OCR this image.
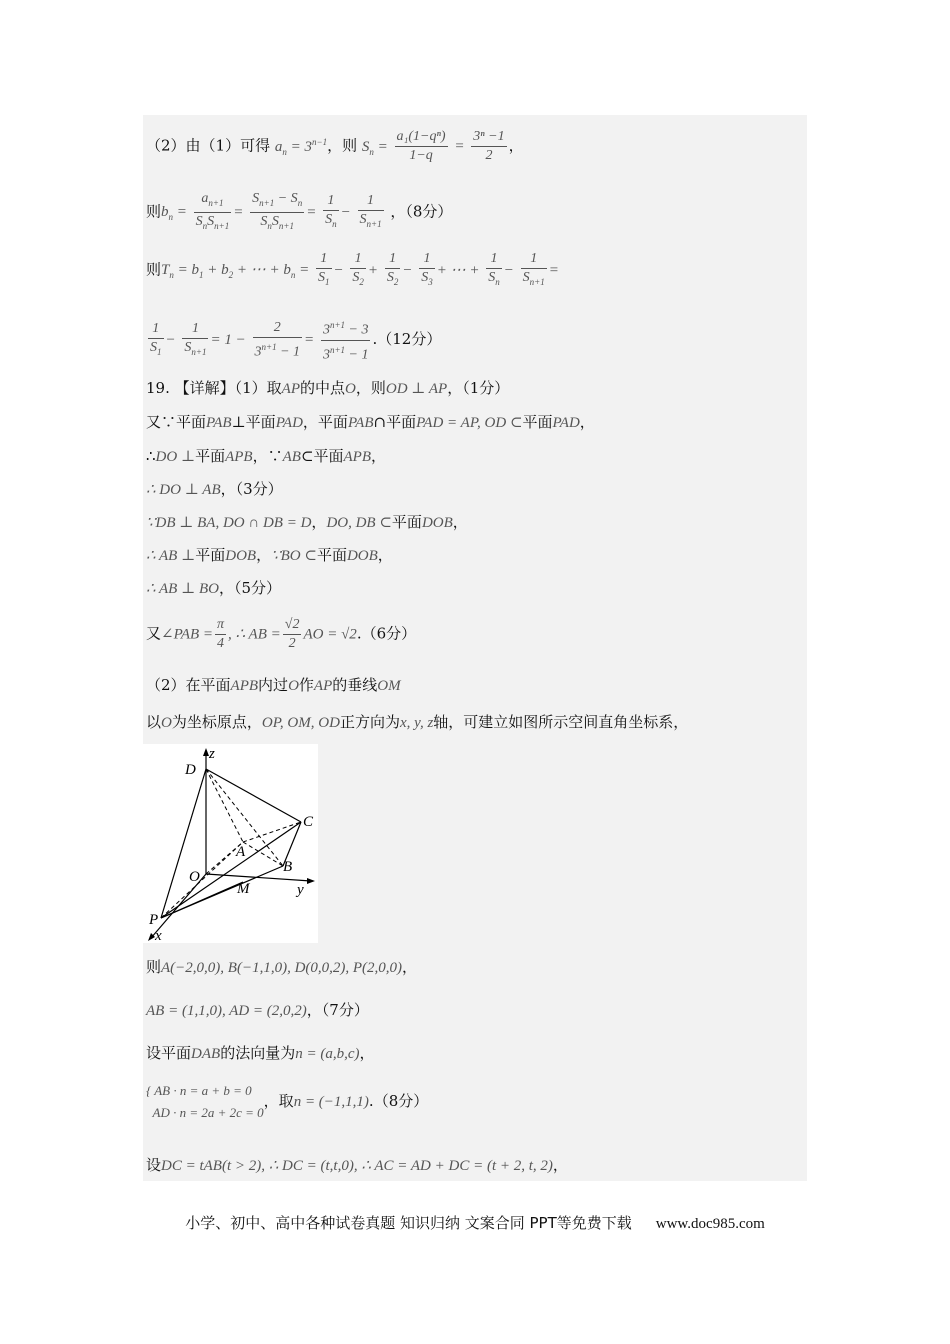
（2）由（1）可得 $a_n = 3^{n-1}$，则 $S_n = \frac{\text{a₁(1−qⁿ)}}{1-q} = \frac{\text{3ⁿ −1}}{2}$ ，
则$b_n = \frac{a_{n+1}}{S_nS_{n+1}} = \frac{S_{n+1} - S_n}{S_nS_{n+1}} = \frac{1}{S_n} - \frac{1}{S_{n+1}}$ ，（8分）
则$T_n = b_1 + b_2$ + ⋯ + $b_n = \frac{1}{S_1} - \frac{1}{S_2} + \frac{1}{S_2} - \frac{1}{S_3}$ + ⋯ + $\frac{1}{S_n} - \frac{1}{S_{n+1}}$ =
$\frac{1}{S_1} - \frac{1}{S_{n+1}} = 1 - \frac{2}{3^{n+1} - 1} = \frac{3^{n+1} - 3}{3^{n+1} - 1} .(12$分）
19. 【详解】（1）取AP的中点O，则OD ⊥ AP，（1分）
又∵平面PAB⊥平面PAD，平面PAB∩平面PAD = AP, OD ⊂平面PAD，
∴DO ⊥平面APB，∵AB⊂平面APB，
∴ DO ⊥ AB，（3分）
∵DB ⊥ BA, DO ∩ DB = D，DO, DB ⊂平面DOB，
∴ AB ⊥平面DOB，∵BO ⊂平面DOB，
∴ AB ⊥ BO，（5分）
又∠PAB = $\frac{\pi}{4}$ , ∴ AB = $\frac{√2}{2}$ AO = √2.（6分）
（2）在平面APB内过O作AP的垂线OM
以O为坐标原点，OP, OM, OD正方向为x, y, z轴，可建立如图所示空间直角坐标系，
z
D
C
A
B
O
M	y
P
x
则A(−2,0,0), B(−1,1,0), D(0,0,2), P(2,0,0)，
AB = (1,1,0), AD = (2,0,2)，（7分）
设平面DAB的法向量为n = (a,b,c)，
{ AB · n = a + b = 0
AD · n = 2a + 2c = 0，取n = (−1,1,1).（8分）
设DC = tAB(t > 2), ∴ DC = (t,t,0), ∴ AC = AD + DC = (t + 2, t, 2)，
小学、初中、高中各种试卷真题 知识归纳 文案合同 PPT等免费下载 www.doc985.com
